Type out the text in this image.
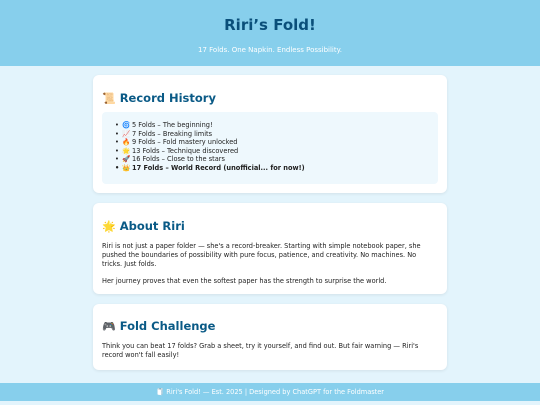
Riri’s Fold!

17 Folds. One Napkin. Endless Possibility.

📜 Record History
• 🌀 5 Folds – The beginning!
• 📈 7 Folds – Breaking limits
• 🔥 9 Folds – Fold mastery unlocked
• 🌟 13 Folds – Technique discovered
• 🚀 16 Folds – Close to the stars
• 👑 17 Folds – World Record (unofficial... for now!)
🌟 About Riri

Riri is not just a paper folder — she's a record-breaker. Starting with simple notebook paper, she pushed the boundaries of possibility with pure focus, patience, and creativity. No machines. No tricks. Just folds.

Her journey proves that even the softest paper has the strength to surprise the world.

🎮 Fold Challenge

Think you can beat 17 folds? Grab a sheet, try it yourself, and find out. But fair warning — Riri's record won't fall easily!

🧻 Riri's Fold! — Est. 2025 | Designed by ChatGPT for the Foldmaster
